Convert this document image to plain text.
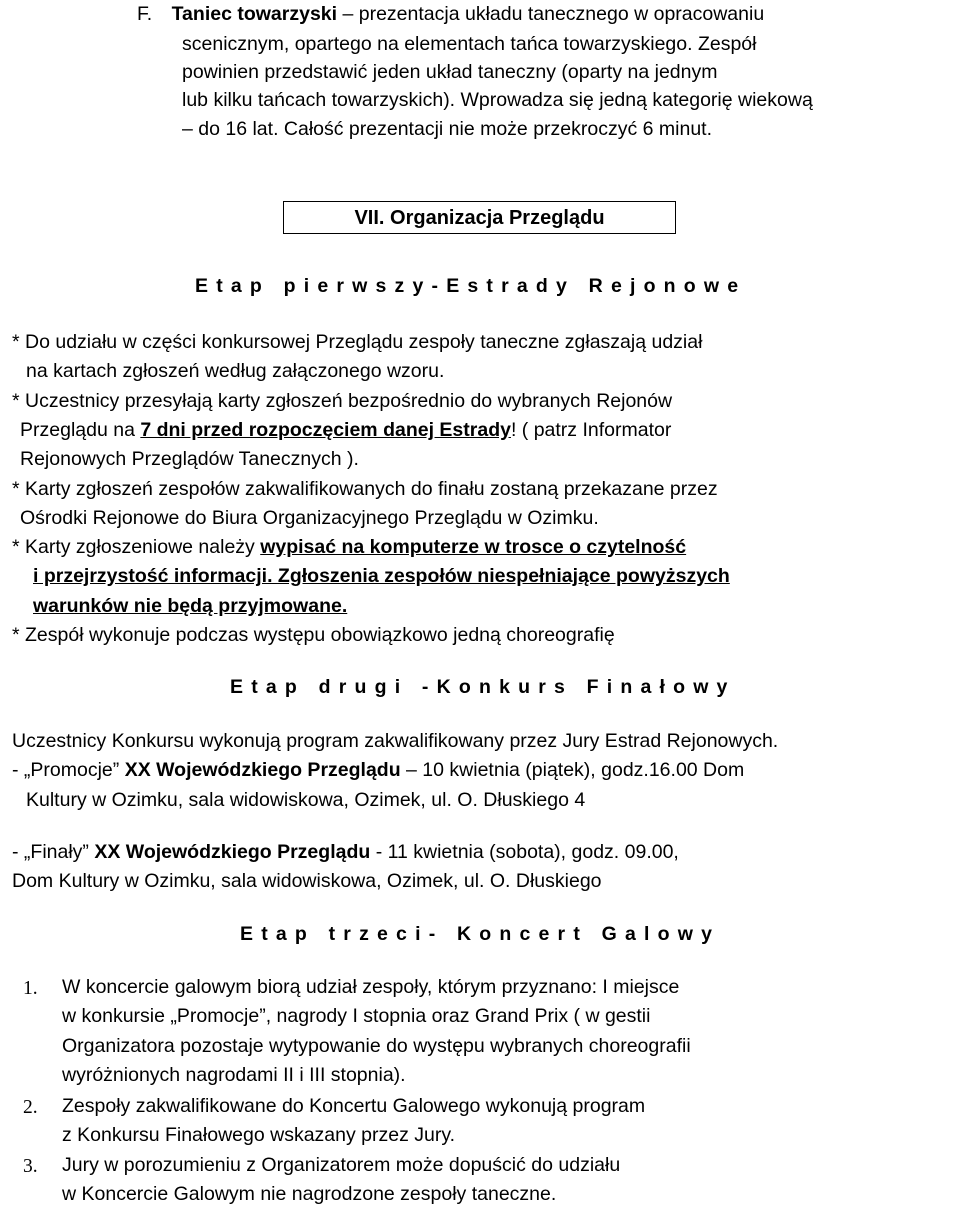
F. Taniec towarzyski – prezentacja układu tanecznego w opracowaniu
scenicznym, opartego na elementach tańca towarzyskiego. Zespół
powinien przedstawić jeden układ taneczny (oparty na jednym
lub kilku tańcach towarzyskich). Wprowadza się jedną kategorię wiekową
– do 16 lat. Całość prezentacji nie może przekroczyć 6 minut.
VII. Organizacja Przeglądu
Etap pierwszy-Estrady Rejonowe
* Do udziału w części konkursowej Przeglądu zespoły taneczne zgłaszają udział
na kartach zgłoszeń według załączonego wzoru.
* Uczestnicy przesyłają karty zgłoszeń bezpośrednio do wybranych Rejonów
Przeglądu na 7 dni przed rozpoczęciem danej Estrady! ( patrz Informator
Rejonowych Przeglądów Tanecznych ).
* Karty zgłoszeń zespołów zakwalifikowanych do finału zostaną przekazane przez
Ośrodki Rejonowe do Biura Organizacyjnego Przeglądu w Ozimku.
* Karty zgłoszeniowe należy wypisać na komputerze w trosce o czytelność
i przejrzystość informacji. Zgłoszenia zespołów niespełniające powyższych
warunków nie będą przyjmowane.
* Zespół wykonuje podczas występu obowiązkowo jedną choreografię
Etap drugi -Konkurs Finałowy
Uczestnicy Konkursu wykonują program zakwalifikowany przez Jury Estrad Rejonowych.
- „Promocje” XX Wojewódzkiego Przeglądu – 10 kwietnia (piątek), godz.16.00 Dom
Kultury w Ozimku, sala widowiskowa, Ozimek, ul. O. Dłuskiego 4
- „Finały” XX Wojewódzkiego Przeglądu - 11 kwietnia (sobota), godz. 09.00,
Dom Kultury w Ozimku, sala widowiskowa, Ozimek, ul. O. Dłuskiego
Etap trzeci- Koncert Galowy
1. W koncercie galowym biorą udział zespoły, którym przyznano: I miejsce
w konkursie „Promocje”, nagrody I stopnia oraz Grand Prix ( w gestii
Organizatora pozostaje wytypowanie do występu wybranych choreografii
wyróżnionych nagrodami II i III stopnia).
2. Zespoły zakwalifikowane do Koncertu Galowego wykonują program
z Konkursu Finałowego wskazany przez Jury.
3. Jury w porozumieniu z Organizatorem może dopuścić do udziału
w Koncercie Galowym nie nagrodzone zespoły taneczne.
